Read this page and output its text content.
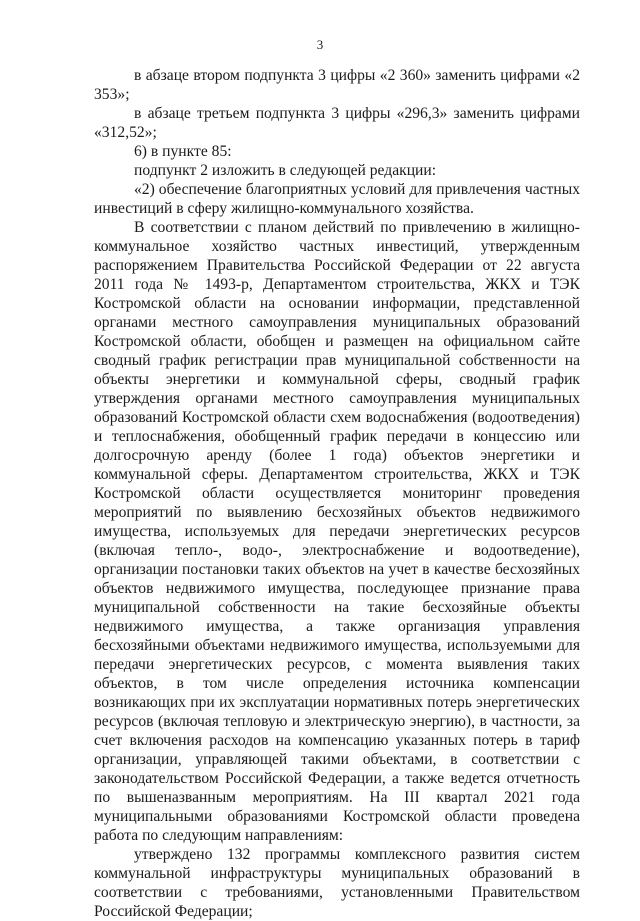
3

в абзаце втором подпункта 3 цифры «2 360» заменить цифрами «2 353»;

в абзаце третьем подпункта 3 цифры «296,3» заменить цифрами «312,52»;

6) в пункте 85:

подпункт 2 изложить в следующей редакции:

«2) обеспечение благоприятных условий для привлечения частных инвестиций в сферу жилищно-коммунального хозяйства.

В соответствии с планом действий по привлечению в жилищно-коммунальное хозяйство частных инвестиций, утвержденным распоряжением Правительства Российской Федерации от 22 августа 2011 года № 1493-р, Департаментом строительства, ЖКХ и ТЭК Костромской области на основании информации, представленной органами местного самоуправления муниципальных образований Костромской области, обобщен и размещен на официальном сайте сводный график регистрации прав муниципальной собственности на объекты энергетики и коммунальной сферы, сводный график утверждения органами местного самоуправления муниципальных образований Костромской области схем водоснабжения (водоотведения) и теплоснабжения, обобщенный график передачи в концессию или долгосрочную аренду (более 1 года) объектов энергетики и коммунальной сферы. Департаментом строительства, ЖКХ и ТЭК Костромской области осуществляется мониторинг проведения мероприятий по выявлению бесхозяйных объектов недвижимого имущества, используемых для передачи энергетических ресурсов (включая тепло-, водо-, электроснабжение и водоотведение), организации постановки таких объектов на учет в качестве бесхозяйных объектов недвижимого имущества, последующее признание права муниципальной собственности на такие бесхозяйные объекты недвижимого имущества, а также организация управления бесхозяйными объектами недвижимого имущества, используемыми для передачи энергетических ресурсов, с момента выявления таких объектов, в том числе определения источника компенсации возникающих при их эксплуатации нормативных потерь энергетических ресурсов (включая тепловую и электрическую энергию), в частности, за счет включения расходов на компенсацию указанных потерь в тариф организации, управляющей такими объектами, в соответствии с законодательством Российской Федерации, а также ведется отчетность по вышеназванным мероприятиям. На III квартал 2021 года муниципальными образованиями Костромской области проведена работа по следующим направлениям:

утверждено 132 программы комплексного развития систем коммунальной инфраструктуры муниципальных образований в соответствии с требованиями, установленными Правительством Российской Федерации;
